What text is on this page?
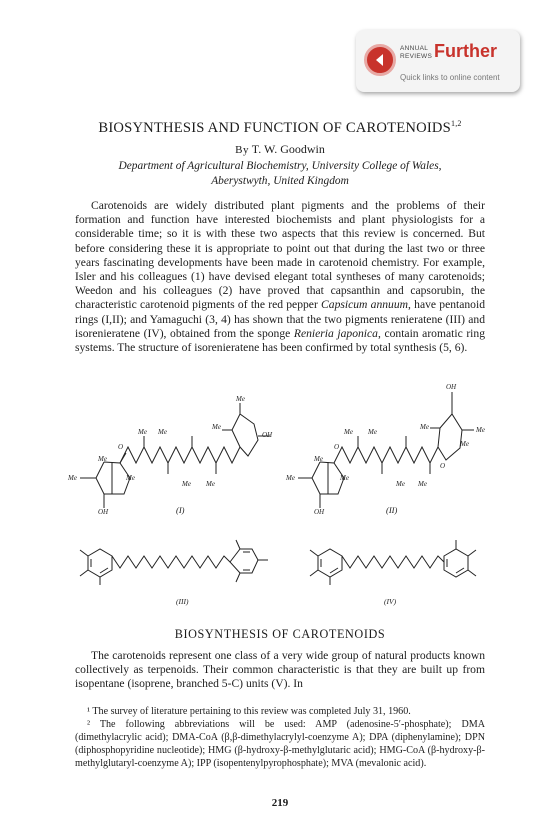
ANNUAL
REVIEWS Further
Quick links to online content
BIOSYNTHESIS AND FUNCTION OF CAROTENOIDS$^{1,2}$
By T. W. Goodwin
Department of Agricultural Biochemistry, University College of Wales,
Aberystwyth, United Kingdom
Carotenoids are widely distributed plant pigments and the problems of their formation and function have interested biochemists and plant physiologists for a considerable time; so it is with these two aspects that this review is concerned. But before considering these it is appropriate to point out that during the last two or three years fascinating developments have been made in carotenoid chemistry. For example, Isler and his colleagues (1) have devised elegant total syntheses of many carotenoids; Weedon and his colleagues (2) have proved that capsanthin and capsorubin, the characteristic carotenoid pigments of the red pepper Capsicum annuum, have pentanoid rings (I,II); and Yamaguchi (3, 4) has shown that the two pigments renieratene (III) and isorenieratene (IV), obtained from the sponge Renieria japonica, contain aromatic ring systems. The structure of isorenieratene has been confirmed by total synthesis (5, 6).
Me Me
Me
Me
Me
Me	Me
Me Me
O
OH
OH	(I)
Me Me
Me	Me
Me
Me
Me	Me
Me Me
O
O
OH
OH	(II)
(III)	(IV)
BIOSYNTHESIS OF CAROTENOIDS
The carotenoids represent one class of a very wide group of natural products known collectively as terpenoids. Their common characteristic is that they are built up from isopentane (isoprene, branched 5-C) units (V). In
¹ The survey of literature pertaining to this review was completed July 31, 1960.
² The following abbreviations will be used: AMP (adenosine-5′-phosphate); DMA (dimethylacrylic acid); DMA-CoA (β,β-dimethylacrylyl-coenzyme A); DPA (diphenylamine); DPN (diphosphopyridine nucleotide); HMG (β-hydroxy-β-methylglutaric acid); HMG-CoA (β-hydroxy-β-methylglutaryl-coenzyme A); IPP (isopentenylpyrophosphate); MVA (mevalonic acid).
219
